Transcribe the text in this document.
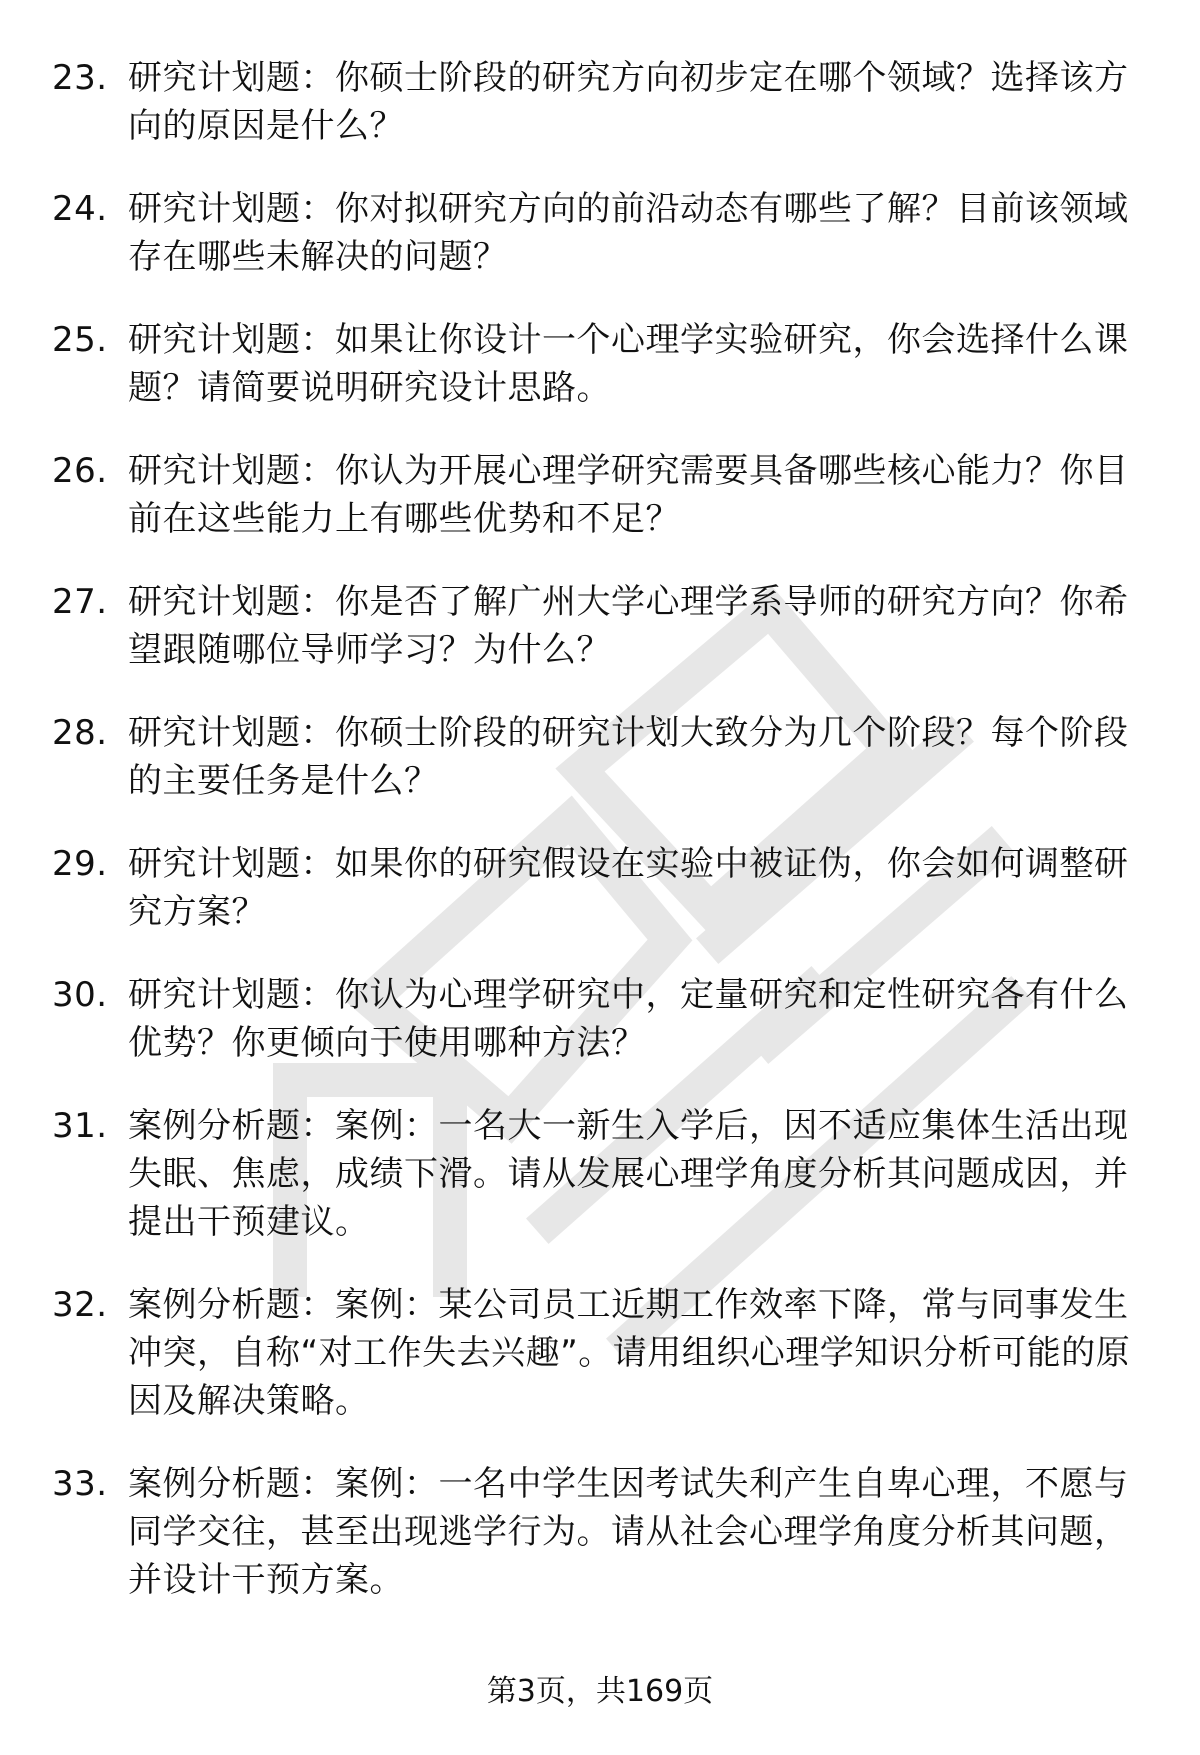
23. 研究计划题：你硕士阶段的研究方向初步定在哪个领域？选择该方向的原因是什么？
24. 研究计划题：你对拟研究方向的前沿动态有哪些了解？目前该领域存在哪些未解决的问题？
25. 研究计划题：如果让你设计一个心理学实验研究，你会选择什么课题？请简要说明研究设计思路。
26. 研究计划题：你认为开展心理学研究需要具备哪些核心能力？你目前在这些能力上有哪些优势和不足？
27. 研究计划题：你是否了解广州大学心理学系导师的研究方向？你希望跟随哪位导师学习？为什么？
28. 研究计划题：你硕士阶段的研究计划大致分为几个阶段？每个阶段的主要任务是什么？
29. 研究计划题：如果你的研究假设在实验中被证伪，你会如何调整研究方案？
30. 研究计划题：你认为心理学研究中，定量研究和定性研究各有什么优势？你更倾向于使用哪种方法？
31. 案例分析题：案例：一名大一新生入学后，因不适应集体生活出现失眠、焦虑，成绩下滑。请从发展心理学角度分析其问题成因，并提出干预建议。
32. 案例分析题：案例：某公司员工近期工作效率下降，常与同事发生冲突，自称“对工作失去兴趣”。请用组织心理学知识分析可能的原因及解决策略。
33. 案例分析题：案例：一名中学生因考试失利产生自卑心理，不愿与同学交往，甚至出现逃学行为。请从社会心理学角度分析其问题，并设计干预方案。
第3页，共169页
